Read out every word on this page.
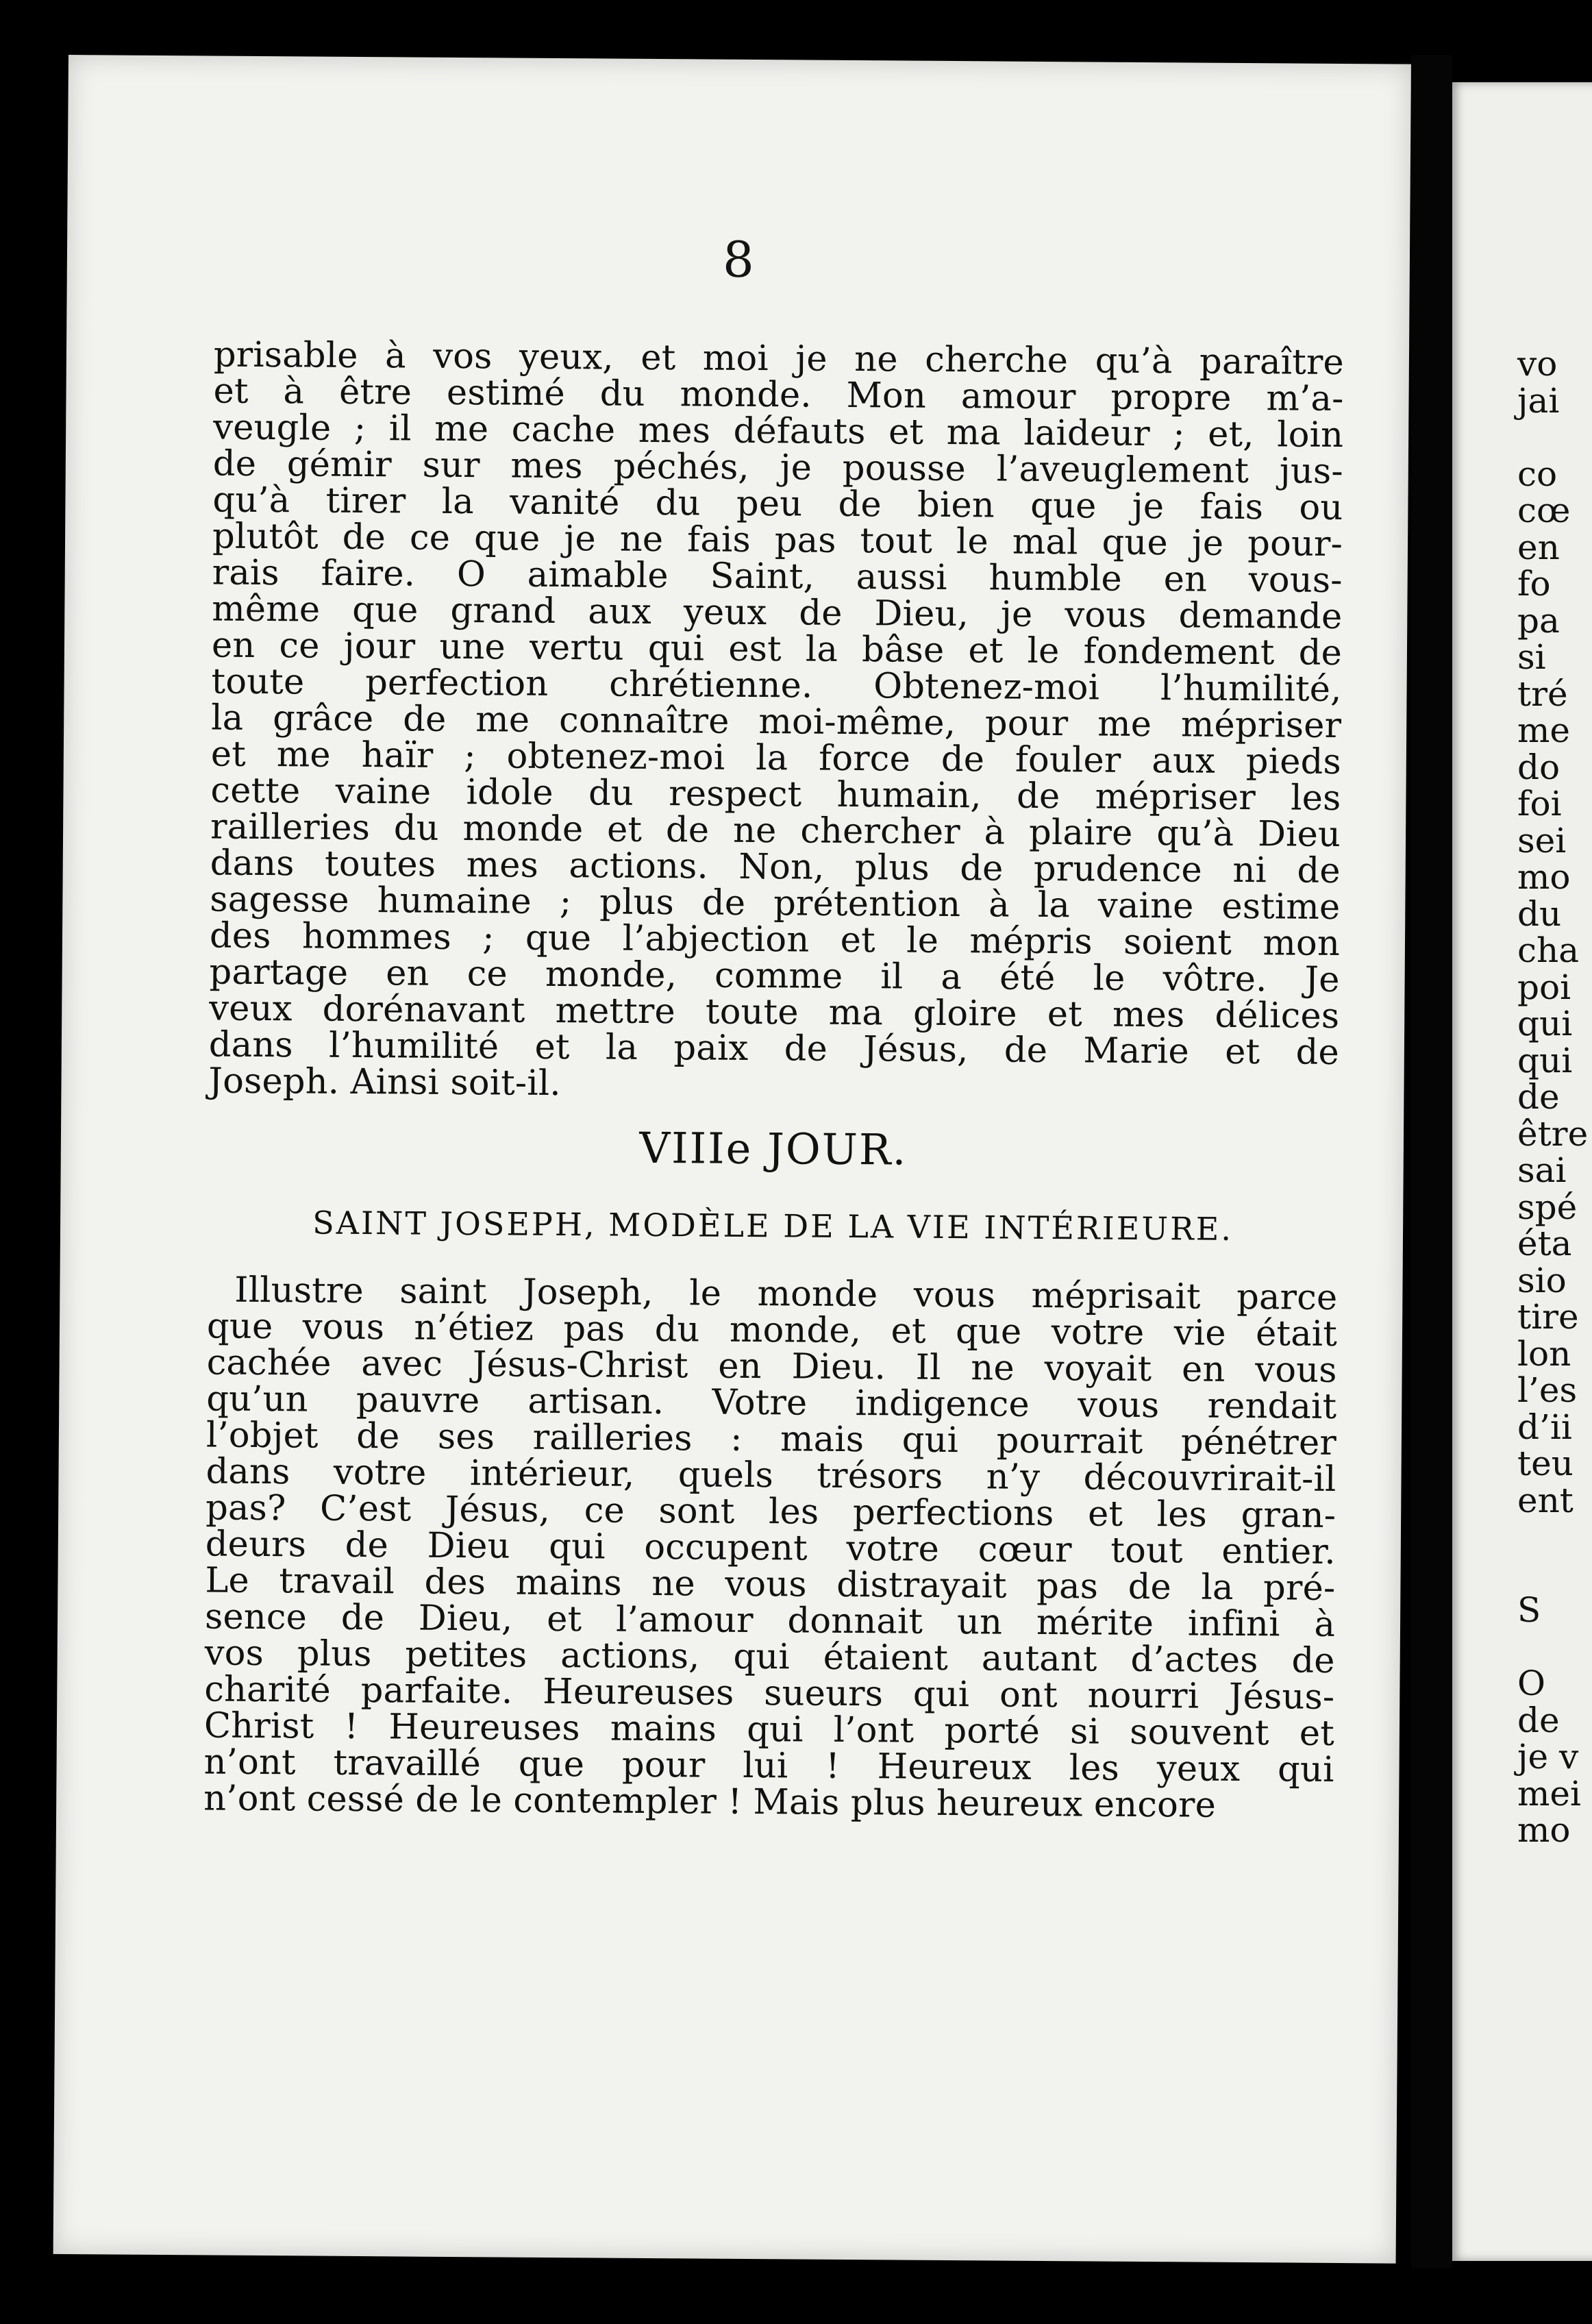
8
prisable à vos yeux, et moi je ne cherche qu’à paraître
et à être estimé du monde. Mon amour propre m’a-
veugle ; il me cache mes défauts et ma laideur ; et, loin
de gémir sur mes péchés, je pousse l’aveuglement jus-
qu’à tirer la vanité du peu de bien que je fais ou
plutôt de ce que je ne fais pas tout le mal que je pour-
rais faire. O aimable Saint, aussi humble en vous-
même que grand aux yeux de Dieu, je vous demande
en ce jour une vertu qui est la bâse et le fondement de
toute perfection chrétienne. Obtenez-moi l’humilité,
la grâce de me connaître moi-même, pour me mépriser
et me haïr ; obtenez-moi la force de fouler aux pieds
cette vaine idole du respect humain, de mépriser les
railleries du monde et de ne chercher à plaire qu’à Dieu
dans toutes mes actions. Non, plus de prudence ni de
sagesse humaine ; plus de prétention à la vaine estime
des hommes ; que l’abjection et le mépris soient mon
partage en ce monde, comme il a été le vôtre. Je
veux dorénavant mettre toute ma gloire et mes délices
dans l’humilité et la paix de Jésus, de Marie et de
Joseph. Ainsi soit-il.
VIIIe JOUR.
SAINT JOSEPH, MODÈLE DE LA VIE INTÉRIEURE.
Illustre saint Joseph, le monde vous méprisait parce
que vous n’étiez pas du monde, et que votre vie était
cachée avec Jésus-Christ en Dieu. Il ne voyait en vous
qu’un pauvre artisan. Votre indigence vous rendait
l’objet de ses railleries : mais qui pourrait pénétrer
dans votre intérieur, quels trésors n’y découvrirait-il
pas? C’est Jésus, ce sont les perfections et les gran-
deurs de Dieu qui occupent votre cœur tout entier.
Le travail des mains ne vous distrayait pas de la pré-
sence de Dieu, et l’amour donnait un mérite infini à
vos plus petites actions, qui étaient autant d’actes de
charité parfaite. Heureuses sueurs qui ont nourri Jésus-
Christ ! Heureuses mains qui l’ont porté si souvent et
n’ont travaillé que pour lui ! Heureux les yeux qui
n’ont cessé de le contempler ! Mais plus heureux encore
vo
jai
co
cœ
en
fo
pa
si
tré
me
do
foi
sei
mo
du
cha
poi
qui
qui
de
être
sai
spé
éta
sio
tire
lon
l’es
d’ii
teu
ent
S
O
de
je v
mei
mo
